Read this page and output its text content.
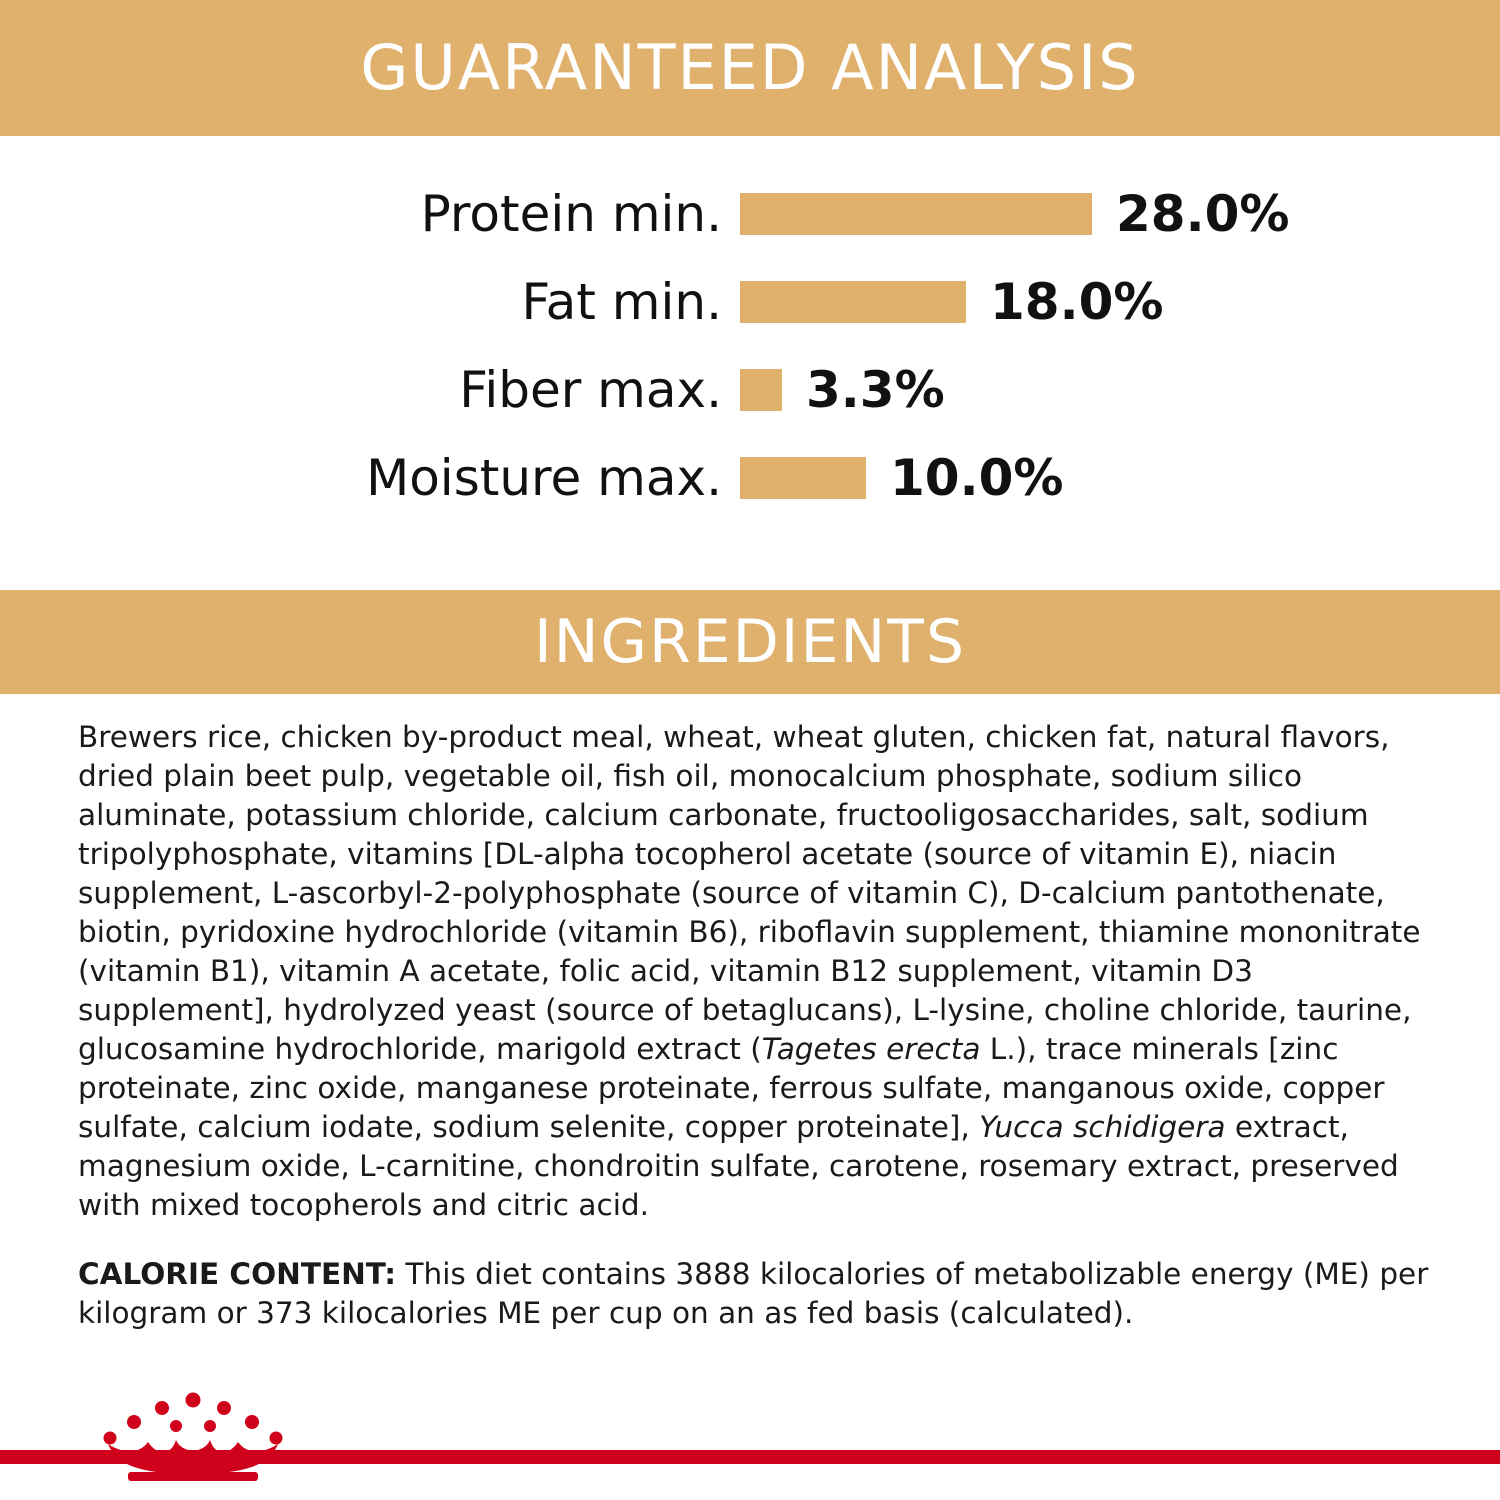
GUARANTEED ANALYSIS
Protein min.	28.0%
Fat min.	18.0%
Fiber max.	3.3%
Moisture max.	10.0%
INGREDIENTS

Brewers rice, chicken by-product meal, wheat, wheat gluten, chicken fat, natural flavors, dried plain beet pulp, vegetable oil, fish oil, monocalcium phosphate, sodium silico aluminate, potassium chloride, calcium carbonate, fructooligosaccharides, salt, sodium tripolyphosphate, vitamins [DL-alpha tocopherol acetate (source of vitamin E), niacin supplement, L-ascorbyl-2-polyphosphate (source of vitamin C), D-calcium pantothenate, biotin, pyridoxine hydrochloride (vitamin B6), riboflavin supplement, thiamine mononitrate (vitamin B1), vitamin A acetate, folic acid, vitamin B12 supplement, vitamin D3 supplement], hydrolyzed yeast (source of betaglucans), L-lysine, choline chloride, taurine, glucosamine hydrochloride, marigold extract (Tagetes erecta L.), trace minerals [zinc proteinate, zinc oxide, manganese proteinate, ferrous sulfate, manganous oxide, copper sulfate, calcium iodate, sodium selenite, copper proteinate], Yucca schidigera extract, magnesium oxide, L-carnitine, chondroitin sulfate, carotene, rosemary extract, preserved with mixed tocopherols and citric acid.

CALORIE CONTENT: This diet contains 3888 kilocalories of metabolizable energy (ME) per kilogram or 373 kilocalories ME per cup on an as fed basis (calculated).
